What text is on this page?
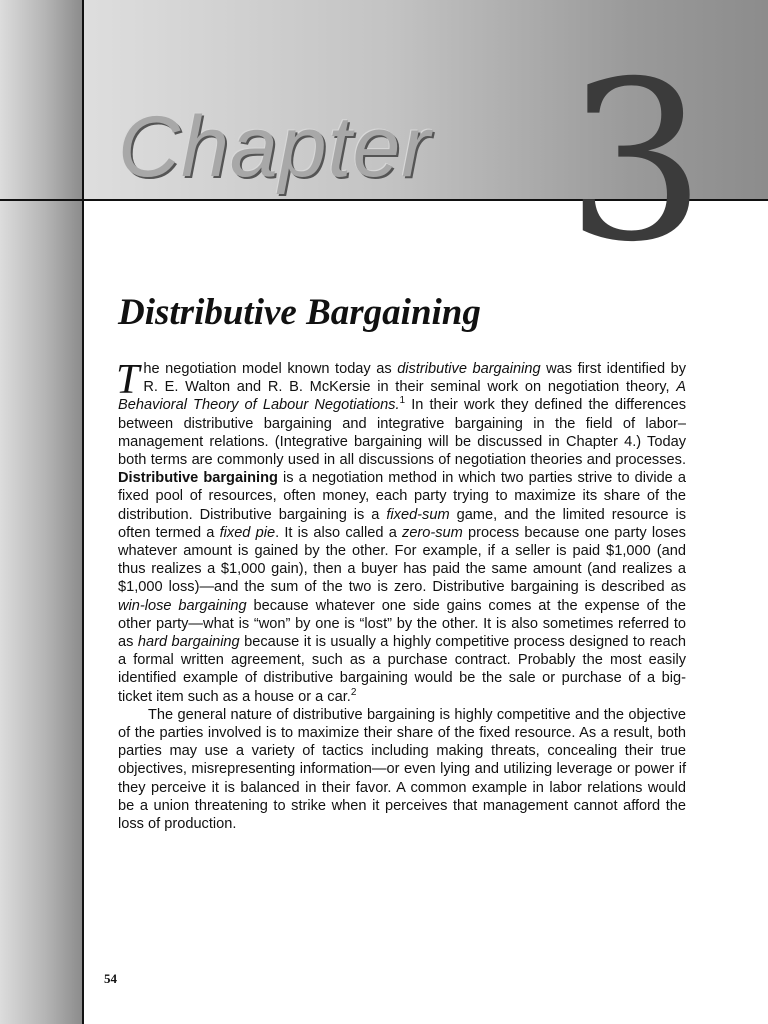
Chapter 3
Distributive Bargaining

The negotiation model known today as distributive bargaining was first identified by R. E. Walton and R. B. McKersie in their seminal work on negotiation theory, A Behavioral Theory of Labour Negotiations.$^1$ In their work they defined the differences between distributive bargaining and integrative bargaining in the field of labor–management relations. (Integrative bargaining will be discussed in Chapter 4.) Today both terms are commonly used in all discussions of negotiation theories and processes. Distributive bargaining is a negotiation method in which two parties strive to divide a fixed pool of resources, often money, each party trying to maximize its share of the distribution. Distributive bargaining is a fixed-sum game, and the limited resource is often termed a fixed pie. It is also called a zero-sum process because one party loses whatever amount is gained by the other. For example, if a seller is paid $1,000 (and thus realizes a $1,000 gain), then a buyer has paid the same amount (and realizes a $1,000 loss)—and the sum of the two is zero. Distributive bargaining is described as win-lose bargaining because whatever one side gains comes at the expense of the other party—what is “won” by one is “lost” by the other. It is also sometimes referred to as hard bargaining because it is usually a highly competitive process designed to reach a formal written agreement, such as a purchase contract. Probably the most easily identified example of distributive bargaining would be the sale or purchase of a big-ticket item such as a house or a car.$^2$

The general nature of distributive bargaining is highly competitive and the objective of the parties involved is to maximize their share of the fixed resource. As a result, both parties may use a variety of tactics including making threats, concealing their true objectives, misrepresenting information—or even lying and utilizing leverage or power if they perceive it is balanced in their favor. A common example in labor relations would be a union threatening to strike when it perceives that management cannot afford the loss of production.

54
